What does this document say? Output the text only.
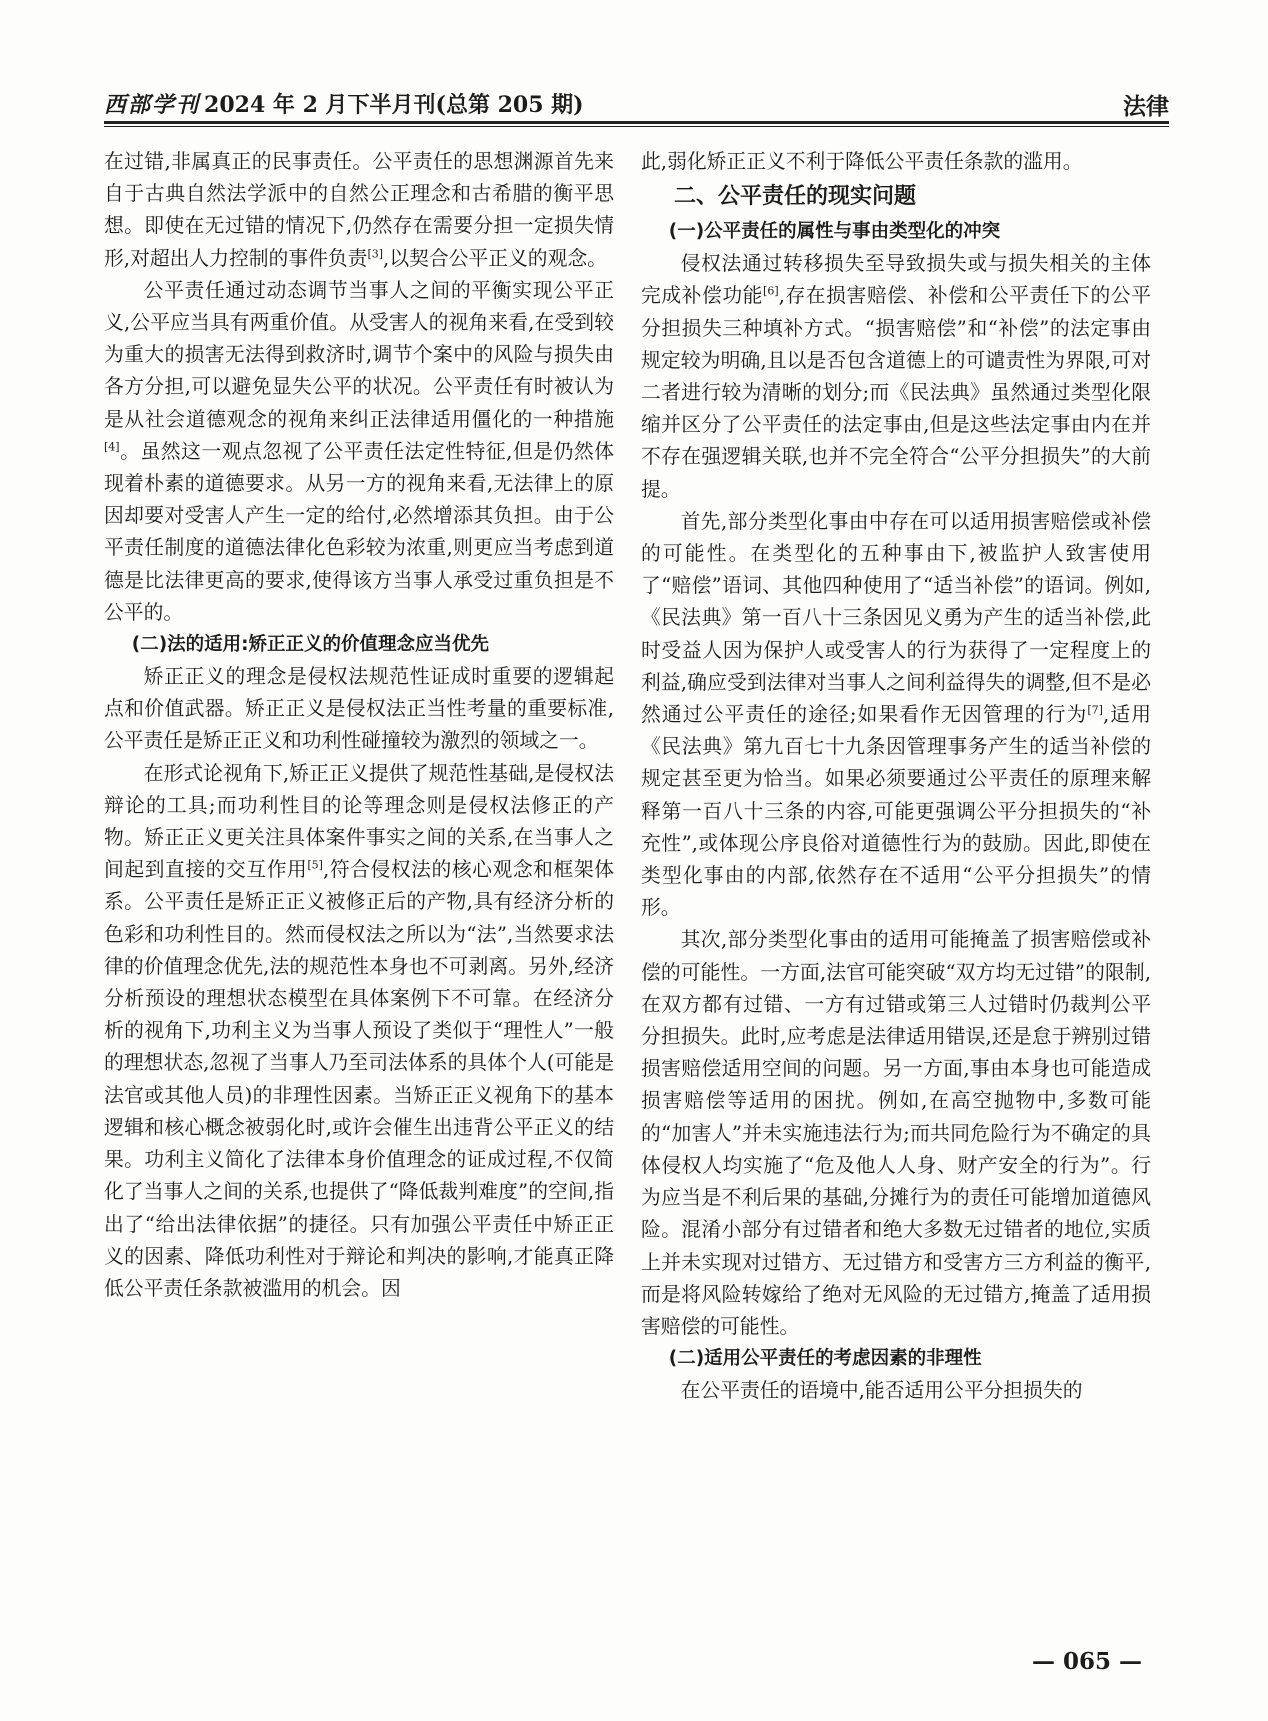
西部学刊 2024 年 2 月下半月刊(总第 205 期)	法律

在过错,非属真正的民事责任。公平责任的思想渊源首先来自于古典自然法学派中的自然公正理念和古希腊的衡平思想。即使在无过错的情况下,仍然存在需要分担一定损失情形,对超出人力控制的事件负责[3],以契合公平正义的观念。

公平责任通过动态调节当事人之间的平衡实现公平正义,公平应当具有两重价值。从受害人的视角来看,在受到较为重大的损害无法得到救济时,调节个案中的风险与损失由各方分担,可以避免显失公平的状况。公平责任有时被认为是从社会道德观念的视角来纠正法律适用僵化的一种措施[4]。虽然这一观点忽视了公平责任法定性特征,但是仍然体现着朴素的道德要求。从另一方的视角来看,无法律上的原因却要对受害人产生一定的给付,必然增添其负担。由于公平责任制度的道德法律化色彩较为浓重,则更应当考虑到道德是比法律更高的要求,使得该方当事人承受过重负担是不公平的。

(二)法的适用:矫正正义的价值理念应当优先

矫正正义的理念是侵权法规范性证成时重要的逻辑起点和价值武器。矫正正义是侵权法正当性考量的重要标准,公平责任是矫正正义和功利性碰撞较为激烈的领域之一。

在形式论视角下,矫正正义提供了规范性基础,是侵权法辩论的工具;而功利性目的论等理念则是侵权法修正的产物。矫正正义更关注具体案件事实之间的关系,在当事人之间起到直接的交互作用[5],符合侵权法的核心观念和框架体系。公平责任是矫正正义被修正后的产物,具有经济分析的色彩和功利性目的。然而侵权法之所以为“法”,当然要求法律的价值理念优先,法的规范性本身也不可剥离。另外,经济分析预设的理想状态模型在具体案例下不可靠。在经济分析的视角下,功利主义为当事人预设了类似于“理性人”一般的理想状态,忽视了当事人乃至司法体系的具体个人(可能是法官或其他人员)的非理性因素。当矫正正义视角下的基本逻辑和核心概念被弱化时,或许会催生出违背公平正义的结果。功利主义简化了法律本身价值理念的证成过程,不仅简化了当事人之间的关系,也提供了“降低裁判难度”的空间,指出了“给出法律依据”的捷径。只有加强公平责任中矫正正义的因素、降低功利性对于辩论和判决的影响,才能真正降低公平责任条款被滥用的机会。因

此,弱化矫正正义不利于降低公平责任条款的滥用。

二、公平责任的现实问题
(一)公平责任的属性与事由类型化的冲突

侵权法通过转移损失至导致损失或与损失相关的主体完成补偿功能[6],存在损害赔偿、补偿和公平责任下的公平分担损失三种填补方式。“损害赔偿”和“补偿”的法定事由规定较为明确,且以是否包含道德上的可谴责性为界限,可对二者进行较为清晰的划分;而《民法典》虽然通过类型化限缩并区分了公平责任的法定事由,但是这些法定事由内在并不存在强逻辑关联,也并不完全符合“公平分担损失”的大前提。

首先,部分类型化事由中存在可以适用损害赔偿或补偿的可能性。在类型化的五种事由下,被监护人致害使用了“赔偿”语词、其他四种使用了“适当补偿”的语词。例如,《民法典》第一百八十三条因见义勇为产生的适当补偿,此时受益人因为保护人或受害人的行为获得了一定程度上的利益,确应受到法律对当事人之间利益得失的调整,但不是必然通过公平责任的途径;如果看作无因管理的行为[7],适用《民法典》第九百七十九条因管理事务产生的适当补偿的规定甚至更为恰当。如果必须要通过公平责任的原理来解释第一百八十三条的内容,可能更强调公平分担损失的“补充性”,或体现公序良俗对道德性行为的鼓励。因此,即使在类型化事由的内部,依然存在不适用“公平分担损失”的情形。

其次,部分类型化事由的适用可能掩盖了损害赔偿或补偿的可能性。一方面,法官可能突破“双方均无过错”的限制,在双方都有过错、一方有过错或第三人过错时仍裁判公平分担损失。此时,应考虑是法律适用错误,还是怠于辨别过错损害赔偿适用空间的问题。另一方面,事由本身也可能造成损害赔偿等适用的困扰。例如,在高空抛物中,多数可能的“加害人”并未实施违法行为;而共同危险行为不确定的具体侵权人均实施了“危及他人人身、财产安全的行为”。行为应当是不利后果的基础,分摊行为的责任可能增加道德风险。混淆小部分有过错者和绝大多数无过错者的地位,实质上并未实现对过错方、无过错方和受害方三方利益的衡平,而是将风险转嫁给了绝对无风险的无过错方,掩盖了适用损害赔偿的可能性。

(二)适用公平责任的考虑因素的非理性

在公平责任的语境中,能否适用公平分担损失的

— 065 —
